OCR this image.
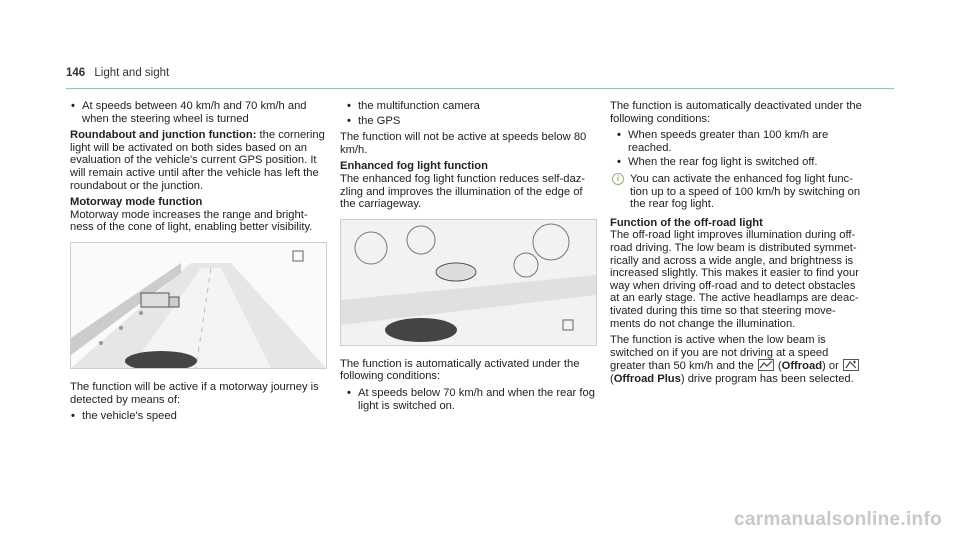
146 Light and sight
• At speeds between 40 km/h and 70 km/h and when the steering wheel is turned

Roundabout and junction function: the cornering light will be activated on both sides based on an evaluation of the vehicle's current GPS position. It will remain active until after the vehicle has left the roundabout or the junction.

Motorway mode function

Motorway mode increases the range and bright-ness of the cone of light, enabling better visibility.

The function will be active if a motorway journey is detected by means of:

• the vehicle's speed
• the multifunction camera
• the GPS

The function will not be active at speeds below 80 km/h.

Enhanced fog light function

The enhanced fog light function reduces self-daz-zling and improves the illumination of the edge of the carriageway.

The function is automatically activated under the following conditions:

• At speeds below 70 km/h and when the rear fog light is switched on.

The function is automatically deactivated under the following conditions:

• When speeds greater than 100 km/h are reached.
• When the rear fog light is switched off.
i You can activate the enhanced fog light func-tion up to a speed of 100 km/h by switching on the rear fog light.

Function of the off-road light

The off-road light improves illumination during off-road driving. The low beam is distributed symmet-rically and across a wide angle, and brightness is increased slightly. This makes it easier to find your way when driving off-road and to detect obstacles at an early stage. The active headlamps are deac-tivated during this time so that steering move-ments do not change the illumination.

The function is active when the low beam is switched on if you are not driving at a speed greater than 50 km/h and the  (Offroad) or  (Offroad Plus) drive program has been selected.

carmanualsonline.info
